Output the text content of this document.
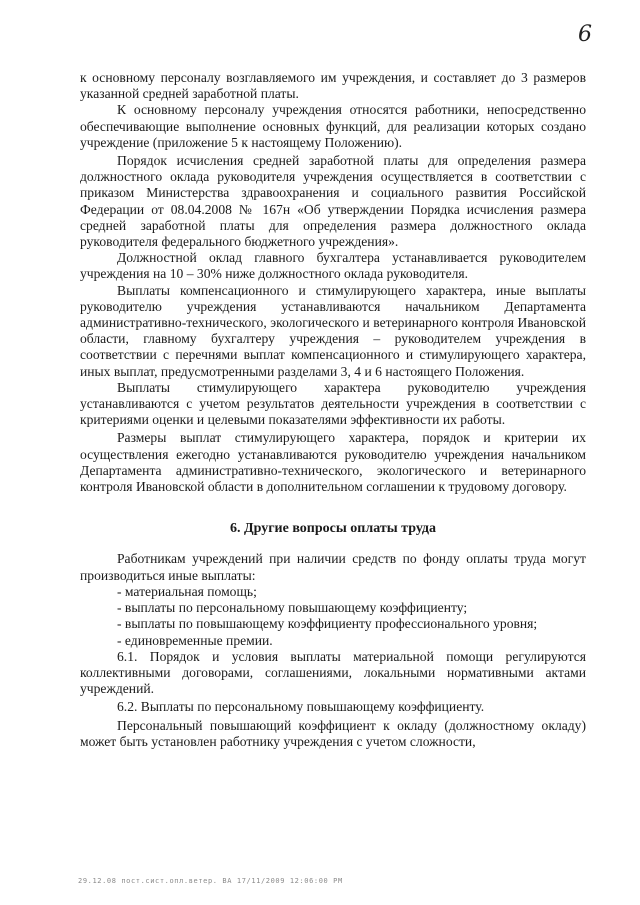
6

к основному персоналу возглавляемого им учреждения, и составляет до 3 размеров указанной средней заработной платы.

К основному персоналу учреждения относятся работники, непосредственно обеспечивающие выполнение основных функций, для реализации которых создано учреждение (приложение 5 к настоящему Положению).

Порядок исчисления средней заработной платы для определения размера должностного оклада руководителя учреждения осуществляется в соответствии с приказом Министерства здравоохранения и социального развития Российской Федерации от 08.04.2008 № 167н «Об утверждении Порядка исчисления размера средней заработной платы для определения размера должностного оклада руководителя федерального бюджетного учреждения».

Должностной оклад главного бухгалтера устанавливается руководителем учреждения на 10 – 30% ниже должностного оклада руководителя.

Выплаты компенсационного и стимулирующего характера, иные выплаты руководителю учреждения устанавливаются начальником Департамента административно-технического, экологического и ветеринарного контроля Ивановской области, главному бухгалтеру учреждения – руководителем учреждения в соответствии с перечнями выплат компенсационного и стимулирующего характера, иных выплат, предусмотренными разделами 3, 4 и 6 настоящего Положения.

Выплаты стимулирующего характера руководителю учреждения устанавливаются с учетом результатов деятельности учреждения в соответствии с критериями оценки и целевыми показателями эффективности их работы.

Размеры выплат стимулирующего характера, порядок и критерии их осуществления ежегодно устанавливаются руководителю учреждения начальником Департамента административно-технического, экологического и ветеринарного контроля Ивановской области в дополнительном соглашении к трудовому договору.

6. Другие вопросы оплаты труда

Работникам учреждений при наличии средств по фонду оплаты труда могут производиться иные выплаты:

- материальная помощь;

- выплаты по персональному повышающему коэффициенту;

- выплаты по повышающему коэффициенту профессионального уровня;

- единовременные премии.

6.1. Порядок и условия выплаты материальной помощи регулируются коллективными договорами, соглашениями, локальными нормативными актами учреждений.

6.2. Выплаты по персональному повышающему коэффициенту.

Персональный повышающий коэффициент к окладу (должностному окладу) может быть установлен работнику учреждения с учетом сложности,

29.12.08 пост.сист.опл.ветер. ВА 17/11/2009 12:06:00 PM
